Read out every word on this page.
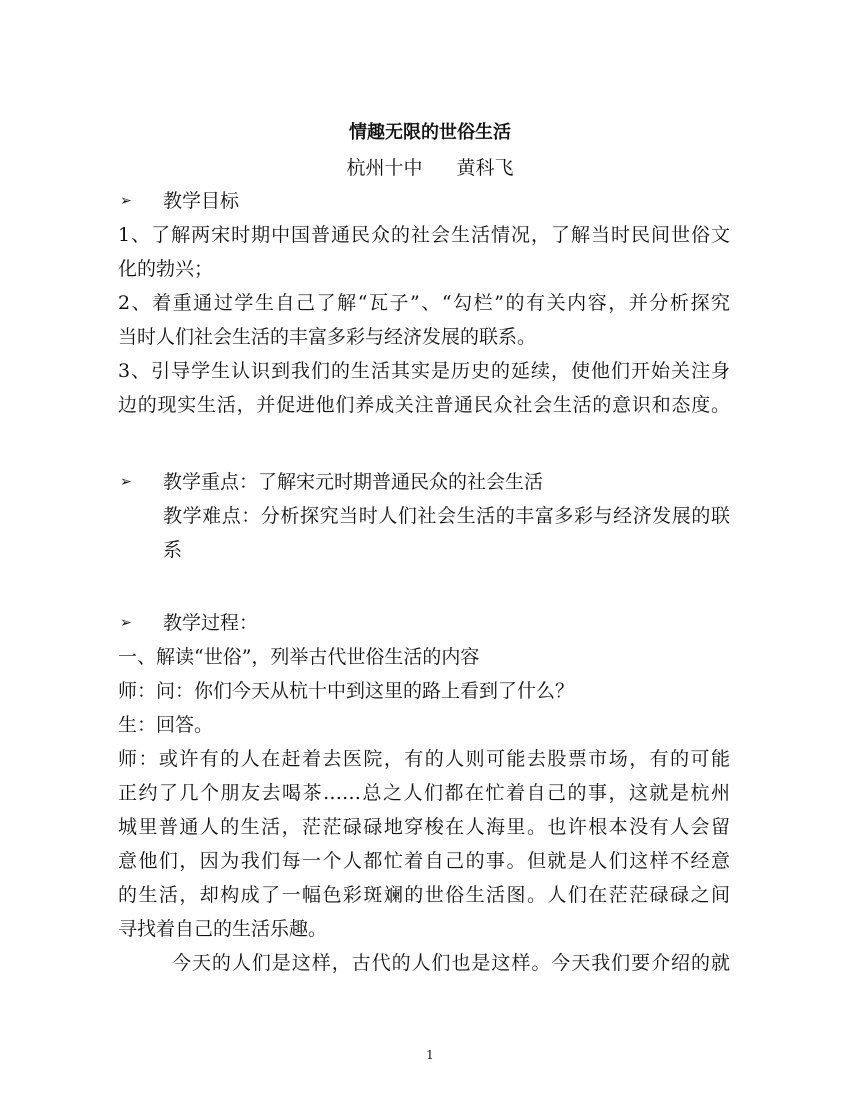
情趣无限的世俗生活
杭州十中 黄科飞
➢ 教学目标
1、了解两宋时期中国普通民众的社会生活情况，了解当时民间世俗文
化的勃兴；
2、着重通过学生自己了解“瓦子”、“勾栏”的有关内容，并分析探究
当时人们社会生活的丰富多彩与经济发展的联系。
3、引导学生认识到我们的生活其实是历史的延续，使他们开始关注身
边的现实生活，并促进他们养成关注普通民众社会生活的意识和态度。
➢ 教学重点：了解宋元时期普通民众的社会生活
教学难点：分析探究当时人们社会生活的丰富多彩与经济发展的联
系
➢ 教学过程：
一、解读“世俗”，列举古代世俗生活的内容
师：问：你们今天从杭十中到这里的路上看到了什么？
生：回答。
师：或许有的人在赶着去医院，有的人则可能去股票市场，有的可能
正约了几个朋友去喝茶……总之人们都在忙着自己的事，这就是杭州
城里普通人的生活，茫茫碌碌地穿梭在人海里。也许根本没有人会留
意他们，因为我们每一个人都忙着自己的事。但就是人们这样不经意
的生活，却构成了一幅色彩斑斓的世俗生活图。人们在茫茫碌碌之间
寻找着自己的生活乐趣。
今天的人们是这样，古代的人们也是这样。今天我们要介绍的就
1
